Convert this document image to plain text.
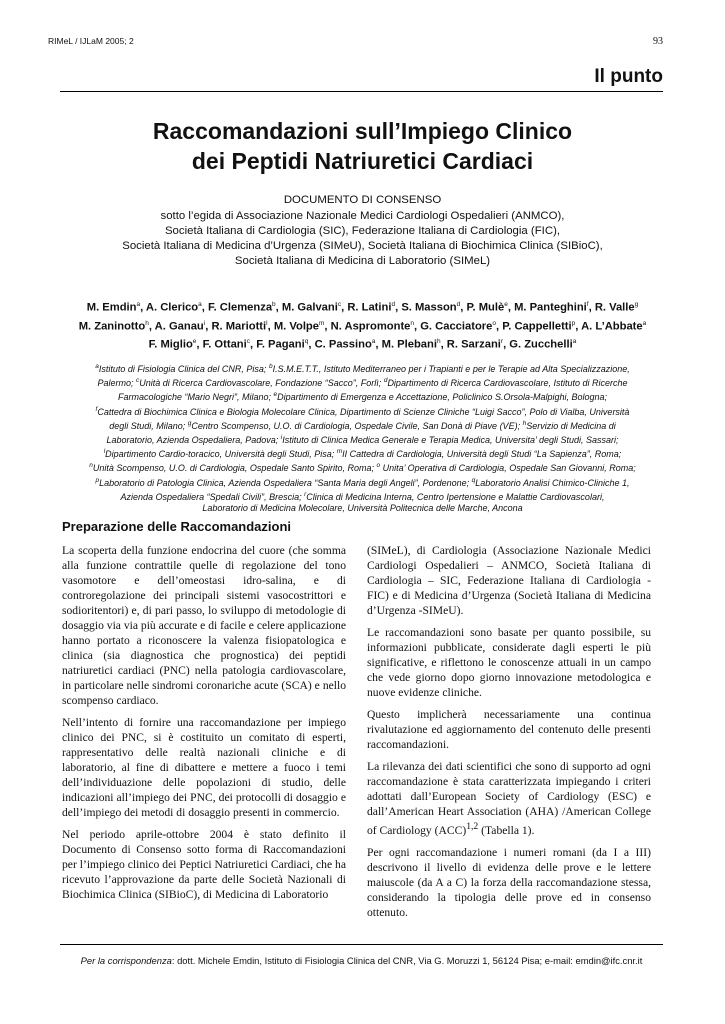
RIMeL / IJLaM 2005; 2	93
Il punto
Raccomandazioni sull’Impiego Clinico
dei Peptidi Natriuretici Cardiaci
DOCUMENTO DI CONSENSO
sotto l’egida di Associazione Nazionale Medici Cardiologi Ospedalieri (ANMCO),
Società Italiana di Cardiologia (SIC), Federazione Italiana di Cardiologia (FIC),
Società Italiana di Medicina d’Urgenza (SIMeU), Società Italiana di Biochimica Clinica (SIBioC),
Società Italiana di Medicina di Laboratorio (SIMeL)
M. Emdin$^a$, A. Clerico$^a$, F. Clemenza$^b$, M. Galvani$^c$, R. Latini$^d$, S. Masson$^d$, P. Mulè$^e$, M. Panteghini$^f$, R. Valle$^g$
M. Zaninotto$^h$, A. Ganau$^i$, R. Mariotti$^l$, M. Volpe$^m$, N. Aspromonte$^n$, G. Cacciatore$^o$, P. Cappelletti$^p$, A. L’Abbate$^a$
F. Miglio$^e$, F. Ottani$^c$, F. Pagani$^q$, C. Passino$^a$, M. Plebani$^h$, R. Sarzani$^r$, G. Zucchelli$^a$
$^a$Istituto di Fisiologia Clinica del CNR, Pisa; $^b$I.S.M.E.T.T., Istituto Mediterraneo per i Trapianti e per le Terapie ad Alta Specializzazione,
Palermo; $^c$Unità di Ricerca Cardiovascolare, Fondazione “Sacco”, Forlì; $^d$Dipartimento di Ricerca Cardiovascolare, Istituto di Ricerche
Farmacologiche “Mario Negri”, Milano; $^e$Dipartimento di Emergenza e Accettazione, Policlinico S.Orsola-Malpighi, Bologna;
$^f$Cattedra di Biochimica Clinica e Biologia Molecolare Clinica, Dipartimento di Scienze Cliniche “Luigi Sacco”, Polo di Vialba, Università
degli Studi, Milano; $^g$Centro Scompenso, U.O. di Cardiologia, Ospedale Civile, San Donà di Piave (VE); $^h$Servizio di Medicina di
Laboratorio, Azienda Ospedaliera, Padova; $^i$Istituto di Clinica Medica Generale e Terapia Medica, Universita’ degli Studi, Sassari;
$^l$Dipartimento Cardio-toracico, Università degli Studi, Pisa; $^m$II Cattedra di Cardiologia, Università degli Studi “La Sapienza”, Roma;
$^n$Unità Scompenso, U.O. di Cardiologia, Ospedale Santo Spirito, Roma; $^o$ Unita’ Operativa di Cardiologia, Ospedale San Giovanni, Roma;
$^p$Laboratorio di Patologia Clinica, Azienda Ospedaliera “Santa Maria degli Angeli”, Pordenone; $^q$Laboratorio Analisi Chimico-Cliniche 1,
Azienda Ospedaliera “Spedali Civili”, Brescia; $^r$Clinica di Medicina Interna, Centro Ipertensione e Malattie Cardiovascolari,
Laboratorio di Medicina Molecolare, Università Politecnica delle Marche, Ancona
Preparazione delle Raccomandazioni

La scoperta della funzione endocrina del cuore (che somma alla funzione contrattile quelle di regolazione del tono vasomotore e dell’omeostasi idro-salina, e di controregolazione dei principali sistemi vasocostrittori e sodioritentori) e, di pari passo, lo sviluppo di metodologie di dosaggio via via più accurate e di facile e celere applicazione hanno portato a riconoscere la valenza fisiopatologica e clinica (sia diagnostica che prognostica) dei peptidi natriuretici cardiaci (PNC) nella patologia cardiovascolare, in particolare nelle sindromi coronariche acute (SCA) e nello scompenso cardiaco.

Nell’intento di fornire una raccomandazione per impiego clinico dei PNC, si è costituito un comitato di esperti, rappresentativo delle realtà nazionali cliniche e di laboratorio, al fine di dibattere e mettere a fuoco i temi dell’individuazione delle popolazioni di studio, delle indicazioni all’impiego dei PNC, dei protocolli di dosaggio e dell’impiego dei metodi di dosaggio presenti in commercio.

Nel periodo aprile-ottobre 2004 è stato definito il Documento di Consenso sotto forma di Raccomandazioni per l’impiego clinico dei Peptici Natriuretici Cardiaci, che ha ricevuto l’approvazione da parte delle Società Nazionali di Biochimica Clinica (SIBioC), di Medicina di Laboratorio

(SIMeL), di Cardiologia (Associazione Nazionale Medici Cardiologi Ospedalieri – ANMCO, Società Italiana di Cardiologia – SIC, Federazione Italiana di Cardiologia - FIC) e di Medicina d’Urgenza (Società Italiana di Medicina d’Urgenza -SIMeU).

Le raccomandazioni sono basate per quanto possibile, su informazioni pubblicate, considerate dagli esperti le più significative, e riflettono le conoscenze attuali in un campo che vede giorno dopo giorno innovazione metodologica e nuove evidenze cliniche.

Questo implicherà necessariamente una continua rivalutazione ed aggiornamento del contenuto delle presenti raccomandazioni.

La rilevanza dei dati scientifici che sono di supporto ad ogni raccomandazione è stata caratterizzata impiegando i criteri adottati dall’European Society of Cardiology (ESC) e dall’American Heart Association (AHA) /American College of Cardiology (ACC)$^{1,2}$ (Tabella 1).

Per ogni raccomandazione i numeri romani (da I a III) descrivono il livello di evidenza delle prove e le lettere maiuscole (da A a C) la forza della raccomandazione stessa, considerando la tipologia delle prove ed in consenso ottenuto.

Per la corrispondenza: dott. Michele Emdin, Istituto di Fisiologia Clinica del CNR, Via G. Moruzzi 1, 56124 Pisa; e-mail: emdin@ifc.cnr.it
